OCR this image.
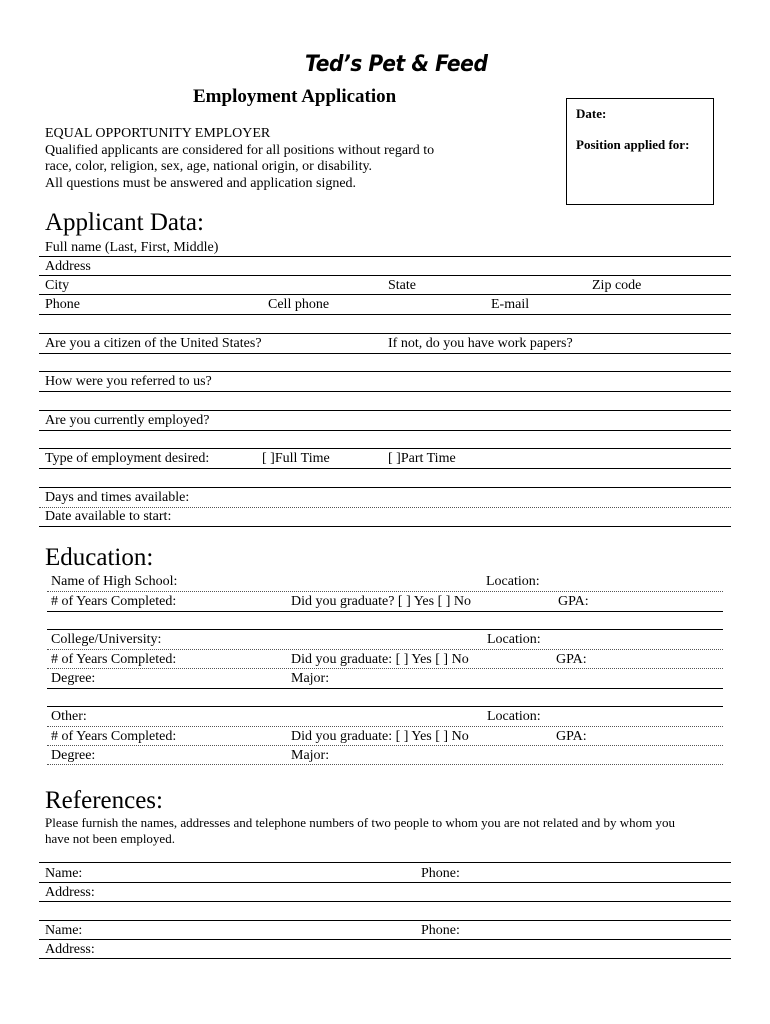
Ted’s Pet & Feed
Employment Application
EQUAL OPPORTUNITY EMPLOYER
Qualified applicants are considered for all positions without regard to
race, color, religion, sex, age, national origin, or disability.
All questions must be answered and application signed.
Date:
Position applied for:
Applicant Data:
Full name (Last, First, Middle)
Address
City	State	Zip code
Phone	Cell phone	E-mail
Are you a citizen of the United States?	If not, do you have work papers?
How were you referred to us?
Are you currently employed?
Type of employment desired:	[ ]Full Time	[ ]Part Time
Days and times available:
Date available to start:
Education:
Name of High School:	Location:
# of Years Completed:	Did you graduate? [ ] Yes [ ] No	GPA:
College/University:	Location:
# of Years Completed:	Did you graduate: [ ] Yes [ ] No	GPA:
Degree:	Major:
Other:	Location:
# of Years Completed:	Did you graduate: [ ] Yes [ ] No	GPA:
Degree:	Major:
References:
Please furnish the names, addresses and telephone numbers of two people to whom you are not related and by whom you
have not been employed.
Name:	Phone:
Address:
Name:	Phone:
Address:
